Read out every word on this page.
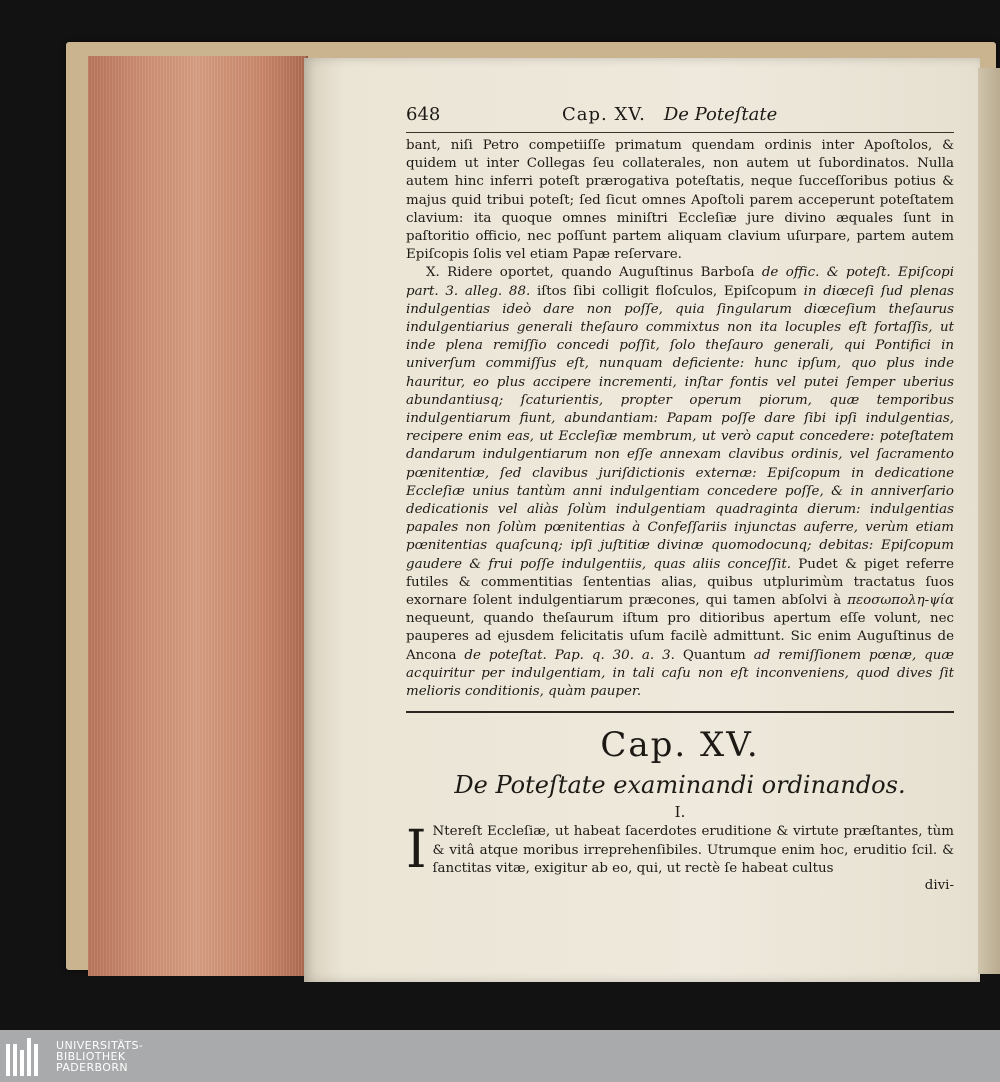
648	Cap. XV. De Poteſtate

bant, niſi Petro competiiſſe primatum quendam ordinis inter Apoſtolos, & quidem ut inter Collegas ſeu collaterales, non autem ut ſubordinatos. Nulla autem hinc inferri poteſt prærogativa poteſtatis, neque ſucceſſoribus potius & majus quid tribui poteſt; ſed ſicut omnes Apoſtoli parem acceperunt poteſtatem clavium: ita quoque omnes miniſtri Eccleſiæ jure divino æquales ſunt in paſtoritio officio, nec poſſunt partem aliquam clavium uſurpare, partem autem Epiſcopis ſolis vel etiam Papæ reſervare.

X. Ridere oportet, quando Auguſtinus Barboſa de offic. & poteſt. Epiſcopi part. 3. alleg. 88. iſtos ſibi colligit floſculos, Epiſcopum in diœceſi ſud plenas indulgentias ideò dare non poſſe, quia ſingularum diœceſium theſaurus indulgentiarius generali theſauro commixtus non ita locuples eſt fortaſſis, ut inde plena remiſſio concedi poſſit, ſolo theſauro generali, qui Pontifici in univerſum commiſſus eſt, nunquam deficiente: hunc ipſum, quo plus inde hauritur, eo plus accipere incrementi, inſtar fontis vel putei ſemper uberius abundantiusq; ſcaturientis, propter operum piorum, quæ temporibus indulgentiarum fiunt, abundantiam: Papam poſſe dare ſibi ipſi indulgentias, recipere enim eas, ut Eccleſiæ membrum, ut verò caput concedere: poteſtatem dandarum indulgentiarum non eſſe annexam clavibus ordinis, vel ſacramento pœnitentiæ, ſed clavibus juriſdictionis externæ: Epiſcopum in dedicatione Eccleſiæ unius tantùm anni indulgentiam concedere poſſe, & in anniverſario dedicationis vel aliàs ſolùm indulgentiam quadraginta dierum: indulgentias papales non ſolùm pœnitentias à Confeſſariis injunctas auferre, verùm etiam pœnitentias quaſcunq; ipſi juſtitiæ divinæ quomodocunq; debitas: Epiſcopum gaudere & frui poſſe indulgentiis, quas aliis conceſſit. Pudet & piget referre futiles & commentitias ſententias alias, quibus utplurimùm tractatus ſuos exornare ſolent indulgentiarum præcones, qui tamen abſolvi à πεοσωπολη-ψία nequeunt, quando theſaurum iſtum pro ditioribus apertum eſſe volunt, nec pauperes ad ejusdem felicitatis uſum facilè admittunt. Sic enim Auguſtinus de Ancona de poteſtat. Pap. q. 30. a. 3. Quantum ad remiſſionem pœnæ, quæ acquiritur per indulgentiam, in tali caſu non eſt inconveniens, quod dives ſit melioris conditionis, quàm pauper.

Cap. XV.
De Poteſtate examinandi ordinandos.
I.
I Ntereſt Eccleſiæ, ut habeat ſacerdotes eruditione & virtute præſtantes, tùm & vitâ atque moribus irreprehenſibiles. Utrumque enim hoc, eruditio ſcil. & ſanctitas vitæ, exigitur ab eo, qui, ut rectè ſe habeat cultus
divi-
UNIVERSITÄTS-
BIBLIOTHEK
PADERBORN
